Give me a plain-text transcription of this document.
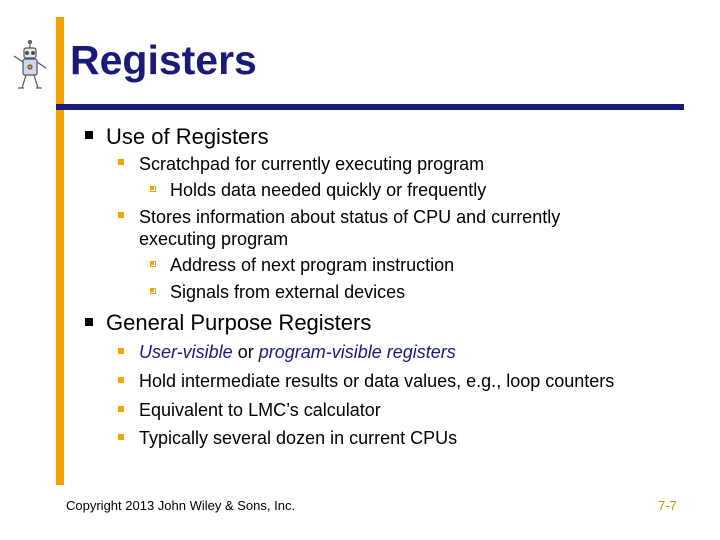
Registers
Use of Registers
Scratchpad for currently executing program
Holds data needed quickly or frequently
Stores information about status of CPU and currently
executing program
Address of next program instruction
Signals from external devices
General Purpose Registers
User-visible or program-visible registers
Hold intermediate results or data values, e.g., loop counters
Equivalent to LMC’s calculator
Typically several dozen in current CPUs
Copyright 2013 John Wiley & Sons, Inc.	7-7
